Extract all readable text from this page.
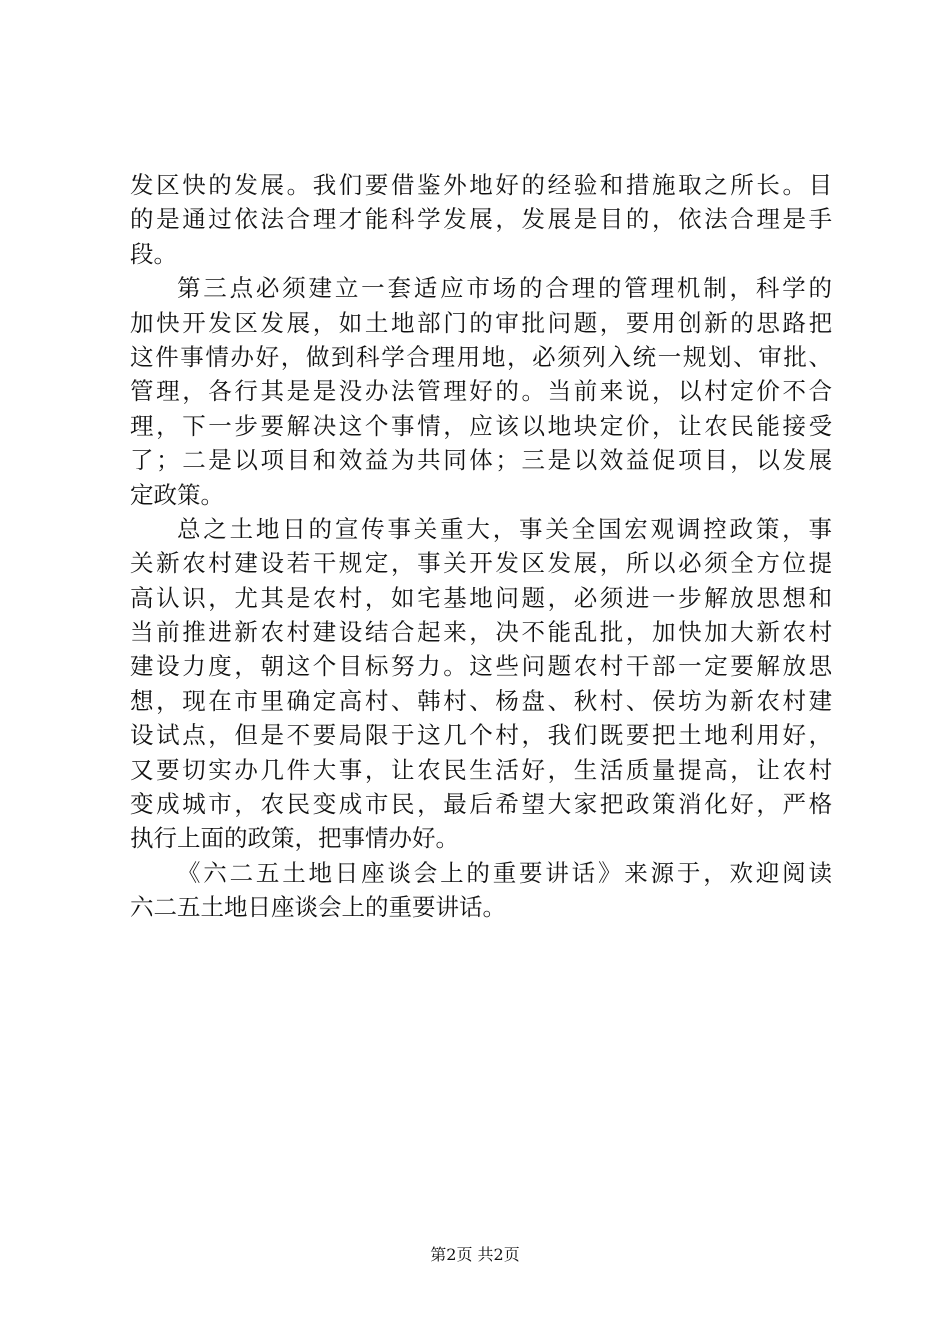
发区快的发展。我们要借鉴外地好的经验和措施取之所长。目
的是通过依法合理才能科学发展，发展是目的，依法合理是手
段。
第三点必须建立一套适应市场的合理的管理机制，科学的
加快开发区发展，如土地部门的审批问题，要用创新的思路把
这件事情办好，做到科学合理用地，必须列入统一规划、审批、
管理，各行其是是没办法管理好的。当前来说，以村定价不合
理，下一步要解决这个事情，应该以地块定价，让农民能接受
了；二是以项目和效益为共同体；三是以效益促项目，以发展
定政策。
总之土地日的宣传事关重大，事关全国宏观调控政策，事
关新农村建设若干规定，事关开发区发展，所以必须全方位提
高认识，尤其是农村，如宅基地问题，必须进一步解放思想和
当前推进新农村建设结合起来，决不能乱批，加快加大新农村
建设力度，朝这个目标努力。这些问题农村干部一定要解放思
想，现在市里确定高村、韩村、杨盘、秋村、侯坊为新农村建
设试点，但是不要局限于这几个村，我们既要把土地利用好，
又要切实办几件大事，让农民生活好，生活质量提高，让农村
变成城市，农民变成市民，最后希望大家把政策消化好，严格
执行上面的政策，把事情办好。
《六二五土地日座谈会上的重要讲话》来源于，欢迎阅读
六二五土地日座谈会上的重要讲话。
第2页 共2页
